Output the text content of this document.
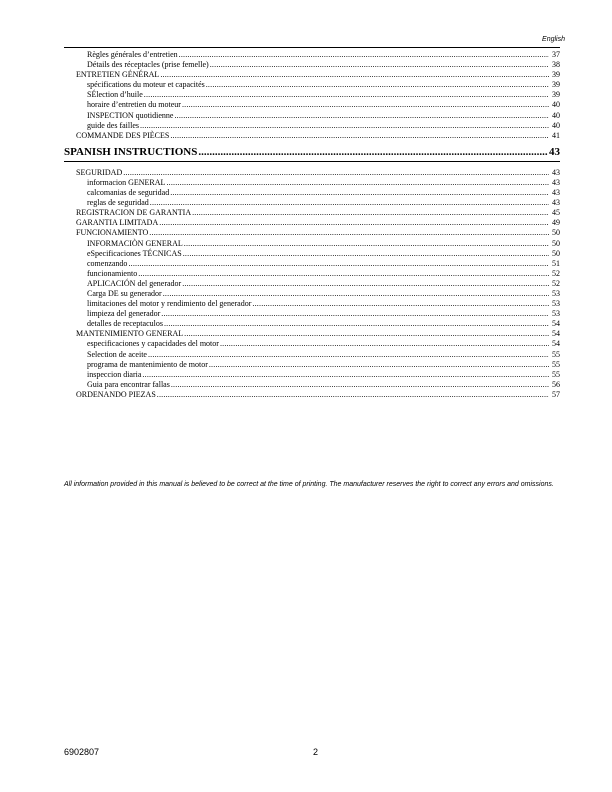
English
Règles générales d’entretien .....	37
Détails des réceptacles (prise femelle) .....	38
ENTRETIEN GÉNÉRAL .....	39
spécifications du moteur et capacités .....	39
SÉlection d’huile .....	39
horaire d’entretien du moteur .....	40
INSPECTION quotidienne .....	40
guide des failles .....	40
COMMANDE DES PIÈCES .....	41
SPANISH INSTRUCTIONS .....	43
SEGURIDAD .....	43
informacion GENERAL .....	43
calcomanias de seguridad .....	43
reglas de seguridad .....	43
REGISTRACION DE GARANTIA .....	45
GARANTIA LIMITADA .....	49
FUNCIONAMIENTO .....	50
INFORMACIÒN GENERAL .....	50
eSpecificaciones TÉCNICAS .....	50
comenzando .....	51
funcionamiento .....	52
APLICACIÓN del generador .....	52
Carga DE su generador .....	53
limitaciones del motor y rendimiento del generador .....	53
limpieza del generador .....	53
detalles de receptaculos .....	54
MANTENIMIENTO GENERAL .....	54
especificaciones y capacidades del motor .....	54
Selection de aceite .....	55
programa de mantenimiento de motor .....	55
inspeccion diaria .....	55
Guia para encontrar fallas .....	56
ORDENANDO PIEZAS .....	57
All information provided in this manual is believed to be correct at the time of printing. The manufacturer reserves the right to correct any errors and omissions.
6902807	2
